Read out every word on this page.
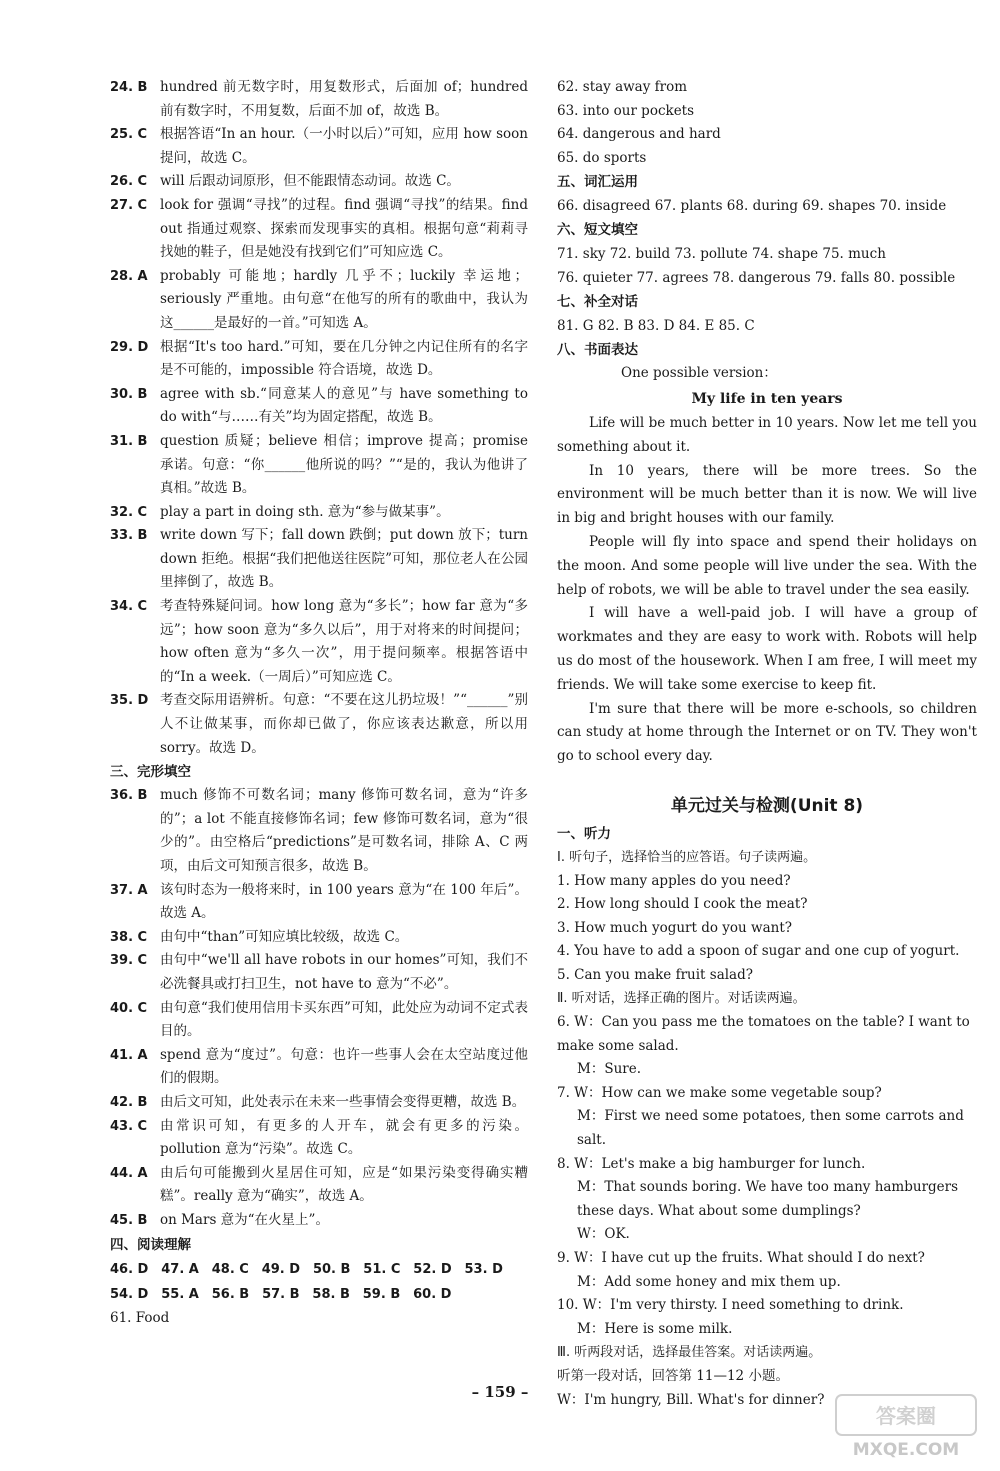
24. B hundred 前无数字时，用复数形式，后面加 of；hundred 前有数字时，不用复数，后面不加 of，故选 B。
25. C 根据答语“In an hour.（一小时以后）”可知，应用 how soon 提问，故选 C。
26. C will 后跟动词原形，但不能跟情态动词。故选 C。
27. C look for 强调“寻找”的过程。find 强调“寻找”的结果。find out 指通过观察、探索而发现事实的真相。根据句意“莉莉寻找她的鞋子，但是她没有找到它们”可知应选 C。
28. A probably 可能地；hardly 几乎不；luckily 幸运地；seriously 严重地。由句意“在他写的所有的歌曲中，我认为这______是最好的一首。”可知选 A。
29. D 根据“It's too hard.”可知，要在几分钟之内记住所有的名字是不可能的，impossible 符合语境，故选 D。
30. B agree with sb.“同意某人的意见”与 have something to do with“与……有关”均为固定搭配，故选 B。
31. B question 质疑；believe 相信；improve 提高；promise 承诺。句意：“你______他所说的吗？”“是的，我认为他讲了真相。”故选 B。
32. C play a part in doing sth. 意为“参与做某事”。
33. B write down 写下；fall down 跌倒；put down 放下；turn down 拒绝。根据“我们把他送往医院”可知，那位老人在公园里摔倒了，故选 B。
34. C 考查特殊疑问词。how long 意为“多长”；how far 意为“多远”；how soon 意为“多久以后”，用于对将来的时间提问；how often 意为“多久一次”，用于提问频率。根据答语中的“In a week.（一周后）”可知应选 C。
35. D 考查交际用语辨析。句意：“不要在这儿扔垃圾！”“______”别人不让做某事，而你却已做了，你应该表达歉意，所以用 sorry。故选 D。
三、完形填空
36. B much 修饰不可数名词；many 修饰可数名词，意为“许多的”；a lot 不能直接修饰名词；few 修饰可数名词，意为“很少的”。由空格后“predictions”是可数名词，排除 A、C 两项，由后文可知预言很多，故选 B。
37. A 该句时态为一般将来时，in 100 years 意为“在 100 年后”。故选 A。
38. C 由句中“than”可知应填比较级，故选 C。
39. C 由句中“we'll all have robots in our homes”可知，我们不必洗餐具或打扫卫生，not have to 意为“不必”。
40. C 由句意“我们使用信用卡买东西”可知，此处应为动词不定式表目的。
41. A spend 意为“度过”。句意：也许一些事人会在太空站度过他们的假期。
42. B 由后文可知，此处表示在未来一些事情会变得更糟，故选 B。
43. C 由常识可知，有更多的人开车，就会有更多的污染。pollution 意为“污染”。故选 C。
44. A 由后句可能搬到火星居住可知，应是“如果污染变得确实糟糕”。really 意为“确实”，故选 A。
45. B on Mars 意为“在火星上”。
四、阅读理解
46. D 47. A 48. C 49. D 50. B 51. C 52. D 53. D
54. D 55. A 56. B 57. B 58. B 59. B 60. D
61. Food
62. stay away from
63. into our pockets
64. dangerous and hard
65. do sports
五、词汇运用
66. disagreed 67. plants 68. during 69. shapes 70. inside
六、短文填空
71. sky 72. build 73. pollute 74. shape 75. much
76. quieter 77. agrees 78. dangerous 79. falls 80. possible
七、补全对话
81. G 82. B 83. D 84. E 85. C
八、书面表达
One possible version：
My life in ten years
Life will be much better in 10 years. Now let me tell you something about it.
In 10 years, there will be more trees. So the environment will be much better than it is now. We will live in big and bright houses with our family.
People will fly into space and spend their holidays on the moon. And some people will live under the sea. With the help of robots, we will be able to travel under the sea easily.
I will have a well-paid job. I will have a group of workmates and they are easy to work with. Robots will help us do most of the housework. When I am free, I will meet my friends. We will take some exercise to keep fit.
I'm sure that there will be more e-schools, so children can study at home through the Internet or on TV. They won't go to school every day.
单元过关与检测(Unit 8)
一、听力
Ⅰ. 听句子，选择恰当的应答语。句子读两遍。
1. How many apples do you need?
2. How long should I cook the meat?
3. How much yogurt do you want?
4. You have to add a spoon of sugar and one cup of yogurt.
5. Can you make fruit salad?
Ⅱ. 听对话，选择正确的图片。对话读两遍。
6. W：Can you pass me the tomatoes on the table? I want to make some salad.
M：Sure.
7. W：How can we make some vegetable soup?
M：First we need some potatoes, then some carrots and salt.
8. W：Let's make a big hamburger for lunch.
M：That sounds boring. We have too many hamburgers these days. What about some dumplings?
W：OK.
9. W：I have cut up the fruits. What should I do next?
M：Add some honey and mix them up.
10. W：I'm very thirsty. I need something to drink.
M：Here is some milk.
Ⅲ. 听两段对话，选择最佳答案。对话读两遍。
听第一段对话，回答第 11—12 小题。
W：I'm hungry, Bill. What's for dinner?
– 159 –
答案圈
MXQE.COM
